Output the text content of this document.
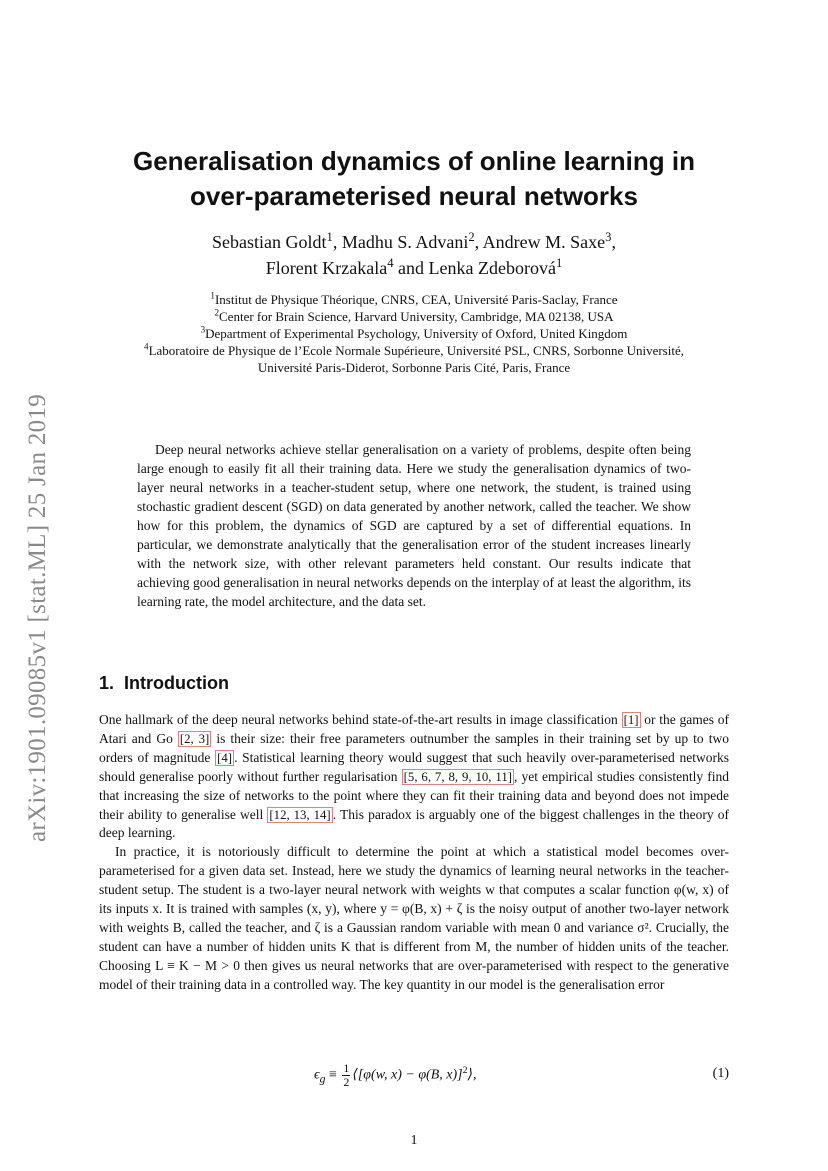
arXiv:1901.09085v1 [stat.ML] 25 Jan 2019
Generalisation dynamics of online learning in
over-parameterised neural networks
Sebastian Goldt$^1$, Madhu S. Advani$^2$, Andrew M. Saxe$^3$,
Florent Krzakala$^4$ and Lenka Zdeborová$^1$
$^1$Institut de Physique Théorique, CNRS, CEA, Université Paris-Saclay, France
$^2$Center for Brain Science, Harvard University, Cambridge, MA 02138, USA
$^3$Department of Experimental Psychology, University of Oxford, United Kingdom
$^4$Laboratoire de Physique de l’Ecole Normale Supérieure, Université PSL, CNRS, Sorbonne Université,
Université Paris-Diderot, Sorbonne Paris Cité, Paris, France
Deep neural networks achieve stellar generalisation on a variety of problems, despite often being large enough to easily fit all their training data. Here we study the generalisation dynamics of two-layer neural networks in a teacher-student setup, where one network, the student, is trained using stochastic gradient descent (SGD) on data generated by another network, called the teacher. We show how for this problem, the dynamics of SGD are captured by a set of differential equations. In particular, we demonstrate analytically that the generalisation error of the student increases linearly with the network size, with other relevant parameters held constant. Our results indicate that achieving good generalisation in neural networks depends on the interplay of at least the algorithm, its learning rate, the model architecture, and the data set.
1. Introduction

One hallmark of the deep neural networks behind state-of-the-art results in image classification [1] or the games of Atari and Go [2, 3] is their size: their free parameters outnumber the samples in their training set by up to two orders of magnitude [4] . Statistical learning theory would suggest that such heavily over-parameterised networks should generalise poorly without further regularisation [5, 6, 7, 8, 9, 10, 11] , yet empirical studies consistently find that increasing the size of networks to the point where they can fit their training data and beyond does not impede their ability to generalise well [12, 13, 14] . This paradox is arguably one of the biggest challenges in the theory of deep learning.

In practice, it is notoriously difficult to determine the point at which a statistical model becomes over-parameterised for a given data set. Instead, here we study the dynamics of learning neural networks in the teacher-student setup. The student is a two-layer neural network with weights w that computes a scalar function φ(w, x) of its inputs x. It is trained with samples (x, y), where y = φ(B, x) + ζ is the noisy output of another two-layer network with weights B, called the teacher, and ζ is a Gaussian random variable with mean 0 and variance σ². Crucially, the student can have a number of hidden units K that is different from M, the number of hidden units of the teacher. Choosing L ≡ K − M > 0 then gives us neural networks that are over-parameterised with respect to the generative model of their training data in a controlled way. The key quantity in our model is the generalisation error

$\epsilon_g \equiv \frac{1}{2}$ ⟨[φ(w, x) − φ(B, x)]$^2$⟩,	(1)
1
